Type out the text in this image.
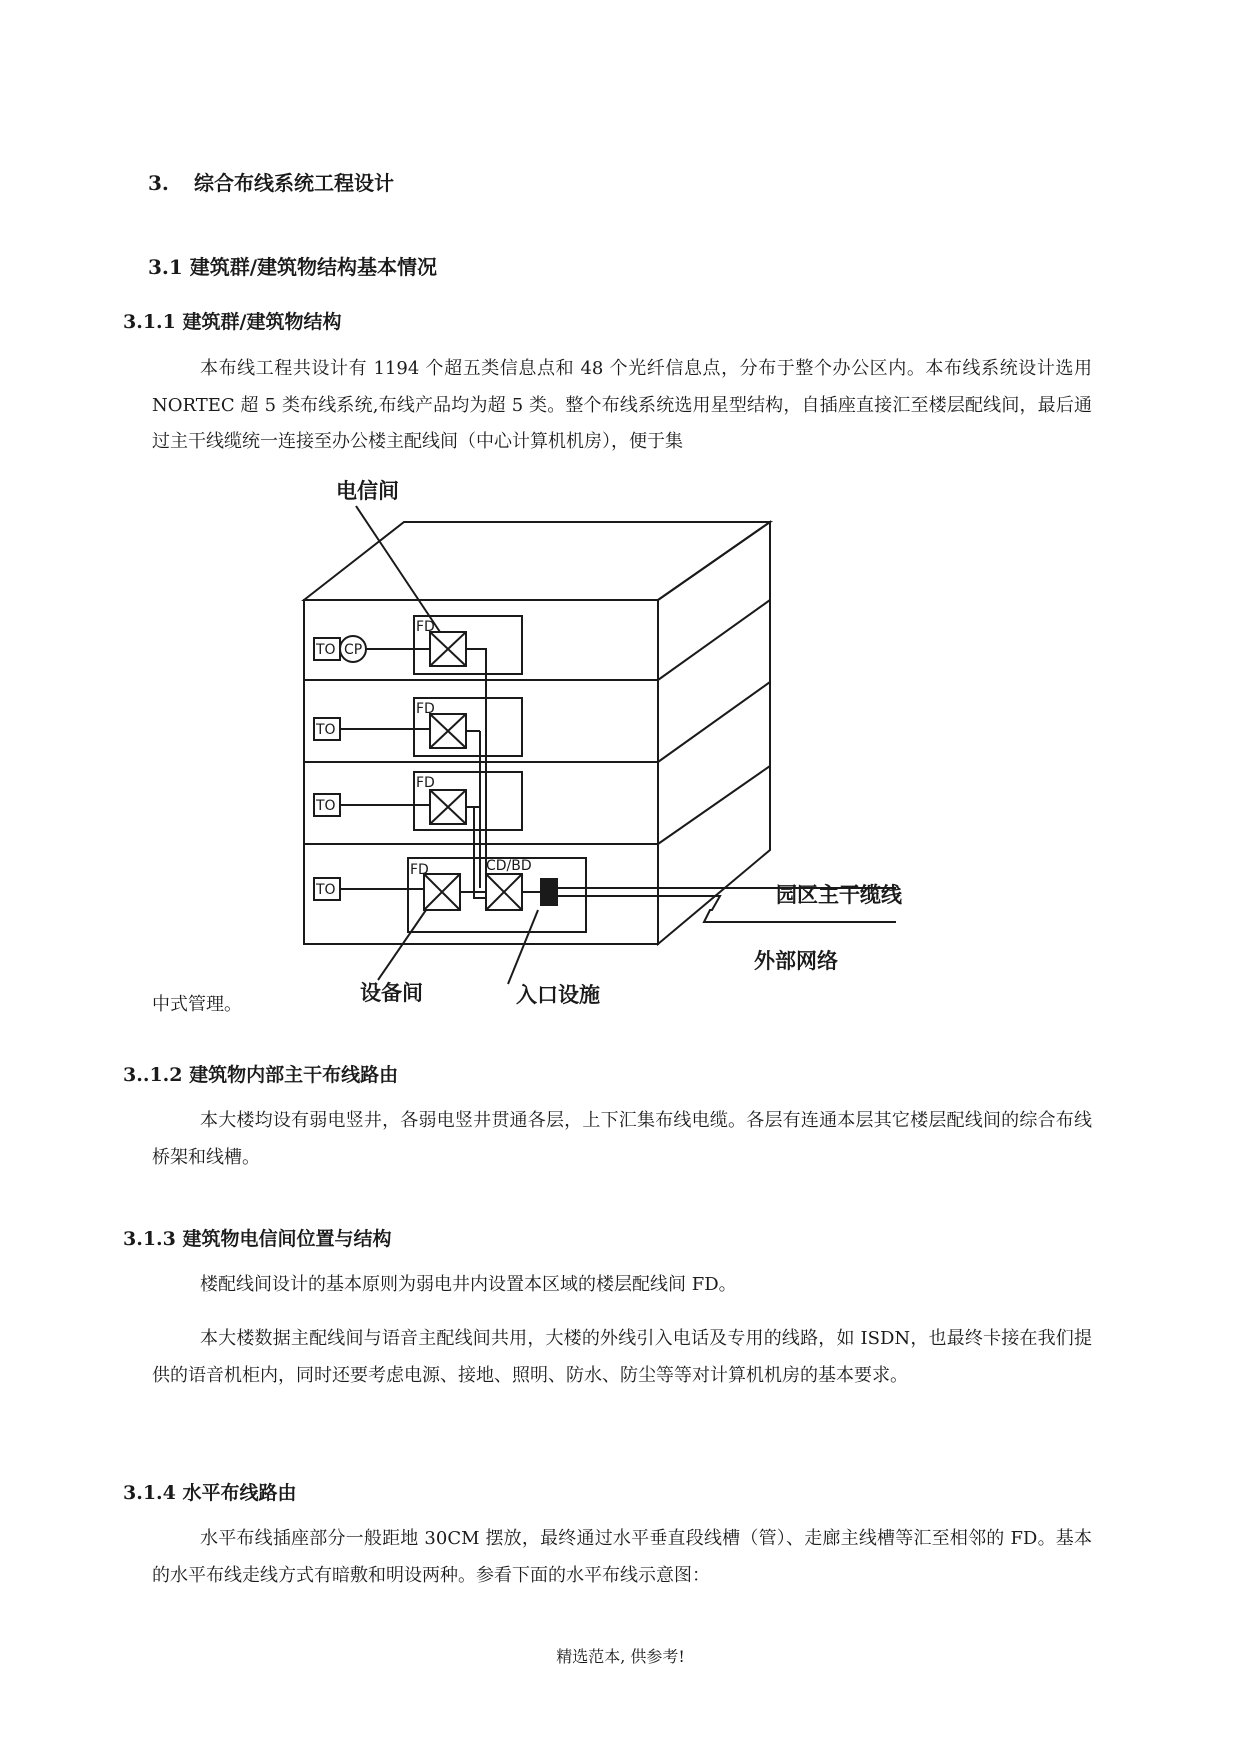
3. 综合布线系统工程设计
3.1 建筑群/建筑物结构基本情况
3.1.1 建筑群/建筑物结构

本布线工程共设计有 1194 个超五类信息点和 48 个光纤信息点，分布于整个办公区内。本布线系统设计选用 NORTEC 超 5 类布线系统,布线产品均为超 5 类。整个布线系统选用星型结构，自插座直接汇至楼层配线间，最后通过主干线缆统一连接至办公楼主配线间（中心计算机机房），便于集

电信间
TO CP
FD
TO
FD
TO
FD
TO
FD	CD/BD
园区主干缆线
外部网络
设备间	入口设施
中式管理。
3..1.2 建筑物内部主干布线路由

本大楼均设有弱电竖井，各弱电竖井贯通各层，上下汇集布线电缆。各层有连通本层其它楼层配线间的综合布线桥架和线槽。

3.1.3 建筑物电信间位置与结构

楼配线间设计的基本原则为弱电井内设置本区域的楼层配线间 FD。

本大楼数据主配线间与语音主配线间共用，大楼的外线引入电话及专用的线路，如 ISDN，也最终卡接在我们提供的语音机柜内，同时还要考虑电源、接地、照明、防水、防尘等等对计算机机房的基本要求。

3.1.4 水平布线路由

水平布线插座部分一般距地 30CM 摆放，最终通过水平垂直段线槽（管）、走廊主线槽等汇至相邻的 FD。基本的水平布线走线方式有暗敷和明设两种。参看下面的水平布线示意图：

精选范本, 供参考!
